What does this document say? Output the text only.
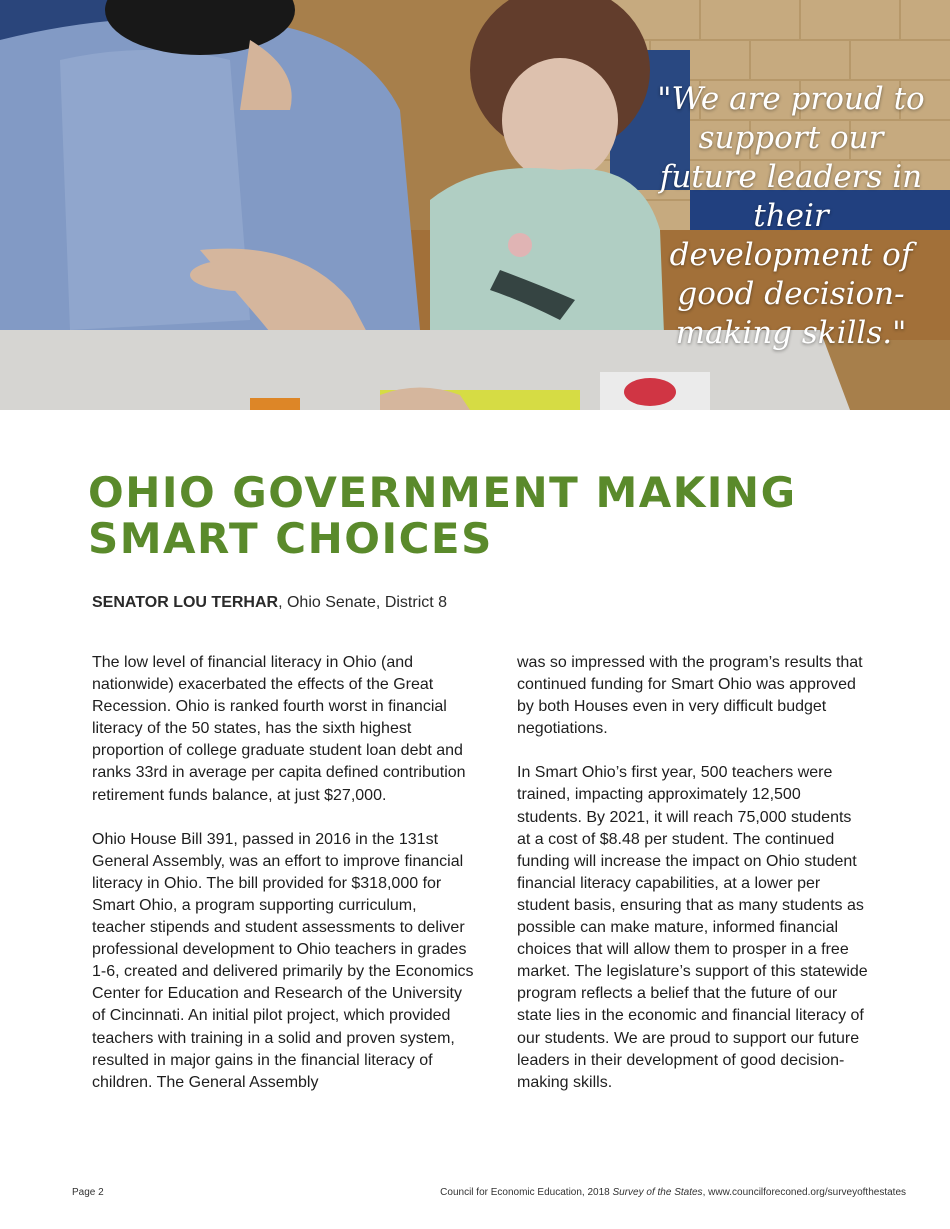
"We are proud to support our future leaders in their development of good decision-making skills."
OHIO GOVERNMENT MAKING
SMART CHOICES
SENATOR LOU TERHAR, Ohio Senate, District 8

The low level of financial literacy in Ohio (and nationwide) exacerbated the effects of the Great Recession. Ohio is ranked fourth worst in financial literacy of the 50 states, has the sixth highest proportion of college graduate student loan debt and ranks 33rd in average per capita defined contribution retirement funds balance, at just $27,000.

Ohio House Bill 391, passed in 2016 in the 131st General Assembly, was an effort to improve financial literacy in Ohio. The bill provided for $318,000 for Smart Ohio, a program supporting curriculum, teacher stipends and student assessments to deliver professional development to Ohio teachers in grades 1-6, created and delivered primarily by the Economics Center for Education and Research of the University of Cincinnati. An initial pilot project, which provided teachers with training in a solid and proven system, resulted in major gains in the financial literacy of children. The General Assembly

was so impressed with the program’s results that continued funding for Smart Ohio was approved by both Houses even in very difficult budget negotiations.

In Smart Ohio’s first year, 500 teachers were trained, impacting approximately 12,500 students. By 2021, it will reach 75,000 students at a cost of $8.48 per student. The continued funding will increase the impact on Ohio student financial literacy capabilities, at a lower per student basis, ensuring that as many students as possible can make mature, informed financial choices that will allow them to prosper in a free market. The legislature’s support of this statewide program reflects a belief that the future of our state lies in the economic and financial literacy of our students. We are proud to support our future leaders in their development of good decision-making skills.

Page 2	Council for Economic Education, 2018 Survey of the States, www.councilforeconed.org/surveyofthestates
